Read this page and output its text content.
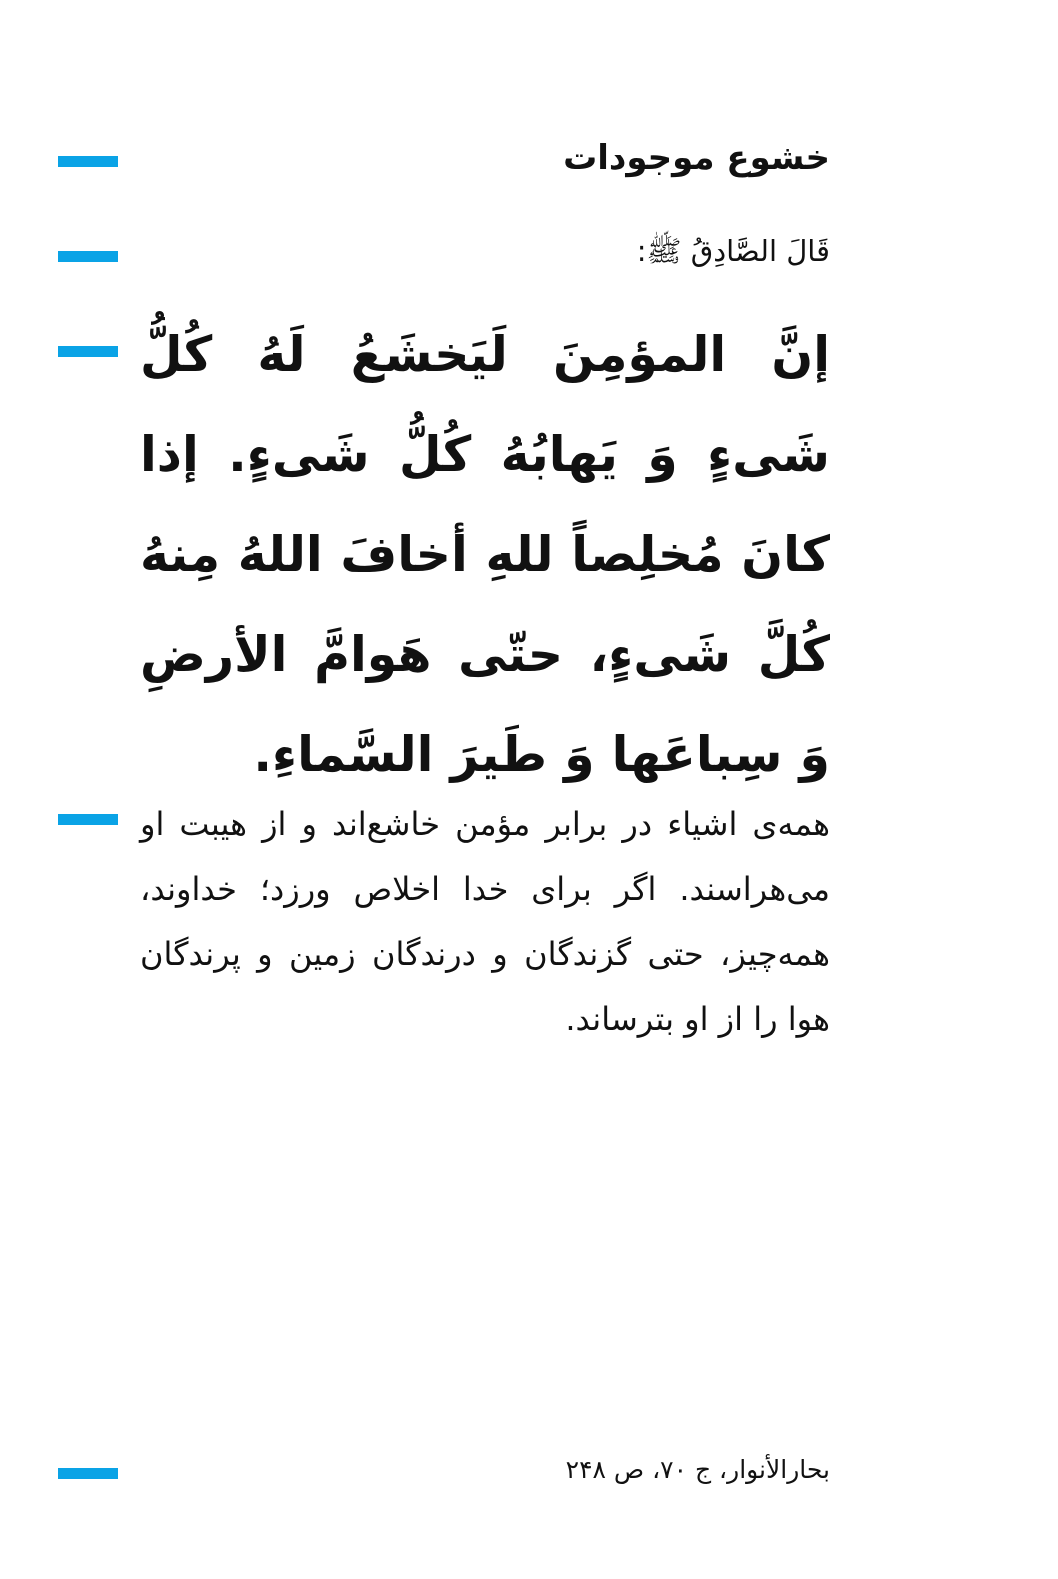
خشوع موجودات

قَالَ الصَّادِقُ ﷺ:

إنَّ المؤمِنَ لَيَخشَعُ لَهُ كُلُّ شَىءٍ وَ يَهابُهُ كُلُّ شَىءٍ. إذا كانَ مُخلِصاً للهِ أخافَ اللهُ مِنهُ كُلَّ شَىءٍ، حتّى هَوامَّ الأرضِ وَ سِباعَها وَ طَيرَ السَّماءِ.

همه‌ی اشیاء در برابر مؤمن خاشع‌اند و از هیبت او می‌هراسند. اگر برای خدا اخلاص ورزد؛ خداوند، همه‌چیز، حتی گزندگان و درندگان زمین و پرندگان هوا را از او بترساند.

بحارالأنوار، ج ۷۰، ص ۲۴۸
